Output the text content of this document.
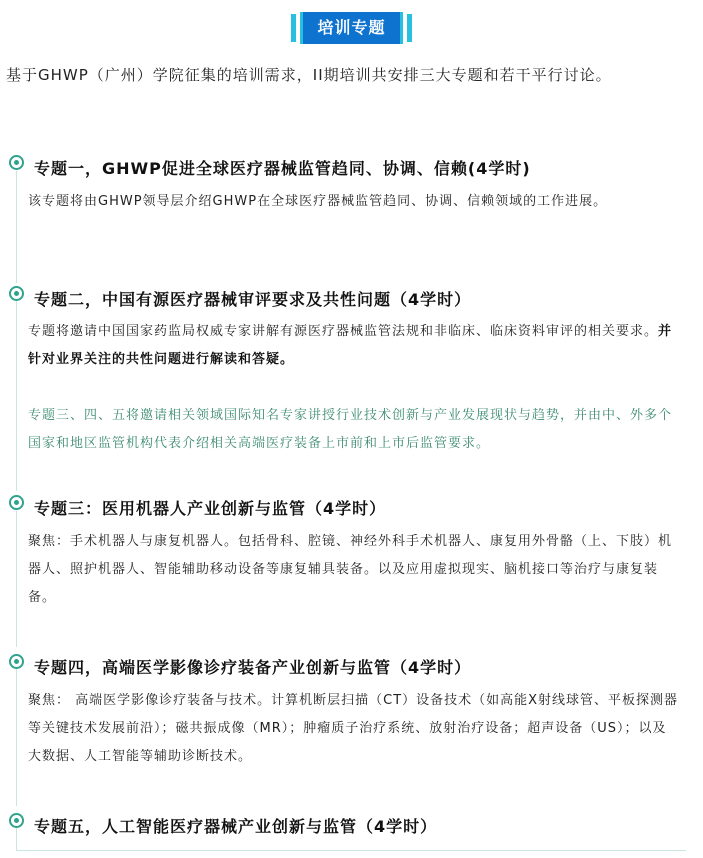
培训专题
基于GHWP（广州）学院征集的培训需求，II期培训共安排三大专题和若干平行讨论。
专题一，GHWP促进全球医疗器械监管趋同、协调、信赖(4学时)
该专题将由GHWP领导层介绍GHWP在全球医疗器械监管趋同、协调、信赖领域的工作进展。
专题二，中国有源医疗器械审评要求及共性问题（4学时）
专题将邀请中国国家药监局权威专家讲解有源医疗器械监管法规和非临床、临床资料审评的相关要求。并针对业界关注的共性问题进行解读和答疑。
专题三、四、五将邀请相关领域国际知名专家讲授行业技术创新与产业发展现状与趋势，并由中、外多个国家和地区监管机构代表介绍相关高端医疗装备上市前和上市后监管要求。
专题三：医用机器人产业创新与监管（4学时）
聚焦：手术机器人与康复机器人。包括骨科、腔镜、神经外科手术机器人、康复用外骨骼（上、下肢）机器人、照护机器人、智能辅助移动设备等康复辅具装备。以及应用虚拟现实、脑机接口等治疗与康复装备。
专题四，高端医学影像诊疗装备产业创新与监管（4学时）
聚焦： 高端医学影像诊疗装备与技术。计算机断层扫描（CT）设备技术（如高能X射线球管、平板探测器等关键技术发展前沿）；磁共振成像（MR）；肿瘤质子治疗系统、放射治疗设备；超声设备（US）；以及大数据、人工智能等辅助诊断技术。
专题五，人工智能医疗器械产业创新与监管（4学时）
